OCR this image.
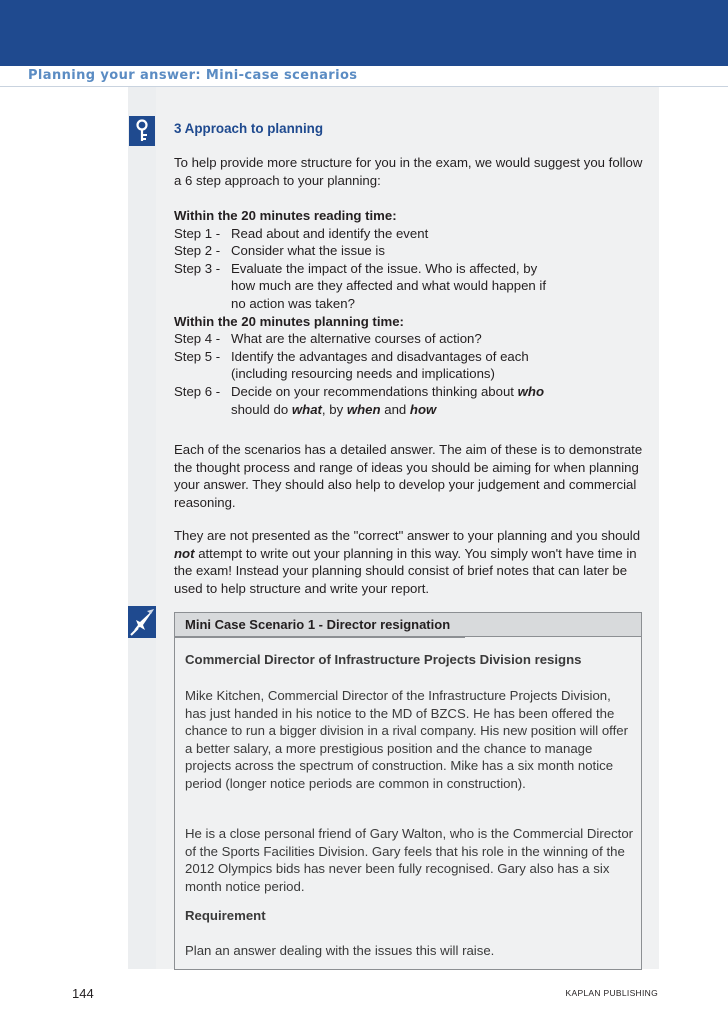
Planning your answer: Mini-case scenarios
3 Approach to planning

To help provide more structure for you in the exam, we would suggest you follow a 6 step approach to your planning:

Within the 20 minutes reading time:

Step 1 - Read about and identify the event
Step 2 - Consider what the issue is
Step 3 - Evaluate the impact of the issue. Who is affected, by how much are they affected and what would happen if no action was taken?

Within the 20 minutes planning time:

Step 4 - What are the alternative courses of action?
Step 5 - Identify the advantages and disadvantages of each (including resourcing needs and implications)
Step 6 - Decide on your recommendations thinking about who should do what, by when and how

Each of the scenarios has a detailed answer. The aim of these is to demonstrate the thought process and range of ideas you should be aiming for when planning your answer. They should also help to develop your judgement and commercial reasoning.

They are not presented as the "correct" answer to your planning and you should not attempt to write out your planning in this way. You simply won't have time in the exam! Instead your planning should consist of brief notes that can later be used to help structure and write your report.

Mini Case Scenario 1 - Director resignation
Commercial Director of Infrastructure Projects Division resigns
Mike Kitchen, Commercial Director of the Infrastructure Projects Division, has just handed in his notice to the MD of BZCS. He has been offered the chance to run a bigger division in a rival company. His new position will offer a better salary, a more prestigious position and the chance to manage projects across the spectrum of construction. Mike has a six month notice period (longer notice periods are common in construction).
He is a close personal friend of Gary Walton, who is the Commercial Director of the Sports Facilities Division. Gary feels that his role in the winning of the 2012 Olympics bids has never been fully recognised. Gary also has a six month notice period.
Requirement
Plan an answer dealing with the issues this will raise.
144	KAPLAN PUBLISHING
